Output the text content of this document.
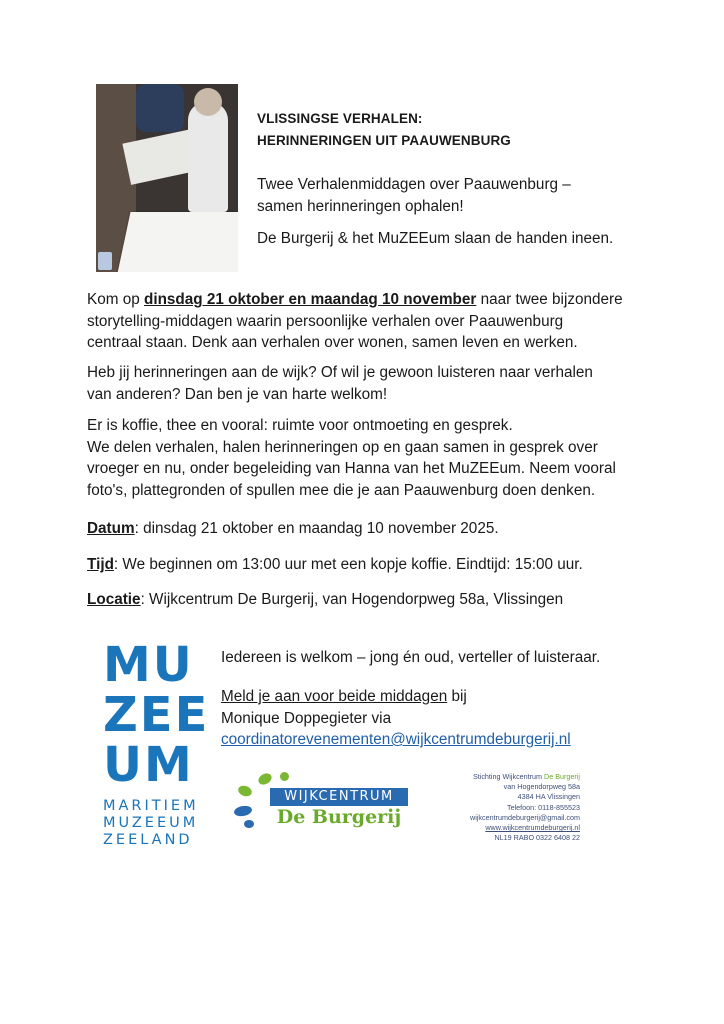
VLISSINGSE VERHALEN:
HERINNERINGEN UIT PAAUWENBURG
Twee Verhalenmiddagen over Paauwenburg –
samen herinneringen ophalen!
De Burgerij & het MuZEEum slaan de handen ineen.
Kom op dinsdag 21 oktober en maandag 10 november naar twee bijzondere
storytelling-middagen waarin persoonlijke verhalen over Paauwenburg
centraal staan. Denk aan verhalen over wonen, samen leven en werken.
Heb jij herinneringen aan de wijk? Of wil je gewoon luisteren naar verhalen
van anderen? Dan ben je van harte welkom!
Er is koffie, thee en vooral: ruimte voor ontmoeting en gesprek.
We delen verhalen, halen herinneringen op en gaan samen in gesprek over
vroeger en nu, onder begeleiding van Hanna van het MuZEEum. Neem vooral
foto's, plattegronden of spullen mee die je aan Paauwenburg doen denken.
Datum: dinsdag 21 oktober en maandag 10 november 2025.
Tijd: We beginnen om 13:00 uur met een kopje koffie. Eindtijd: 15:00 uur.
Locatie: Wijkcentrum De Burgerij, van Hogendorpweg 58a, Vlissingen
MU
ZEE
UM
MARITIEM
MUZEEUM
ZEELAND
Iedereen is welkom – jong én oud, verteller of luisteraar.
Meld je aan voor beide middagen bij
Monique Doppegieter via
coordinatorevenementen@wijkcentrumdeburgerij.nl
WIJKCENTRUM
De Burgerij
Stichting Wijkcentrum De Burgerij
van Hogendorpweg 58a
4384 HA Vlissingen
Telefoon: 0118-855523
wijkcentrumdeburgerij@gmail.com
www.wijkcentrumdeburgerij.nl
NL19 RABO 0322 6408 22
